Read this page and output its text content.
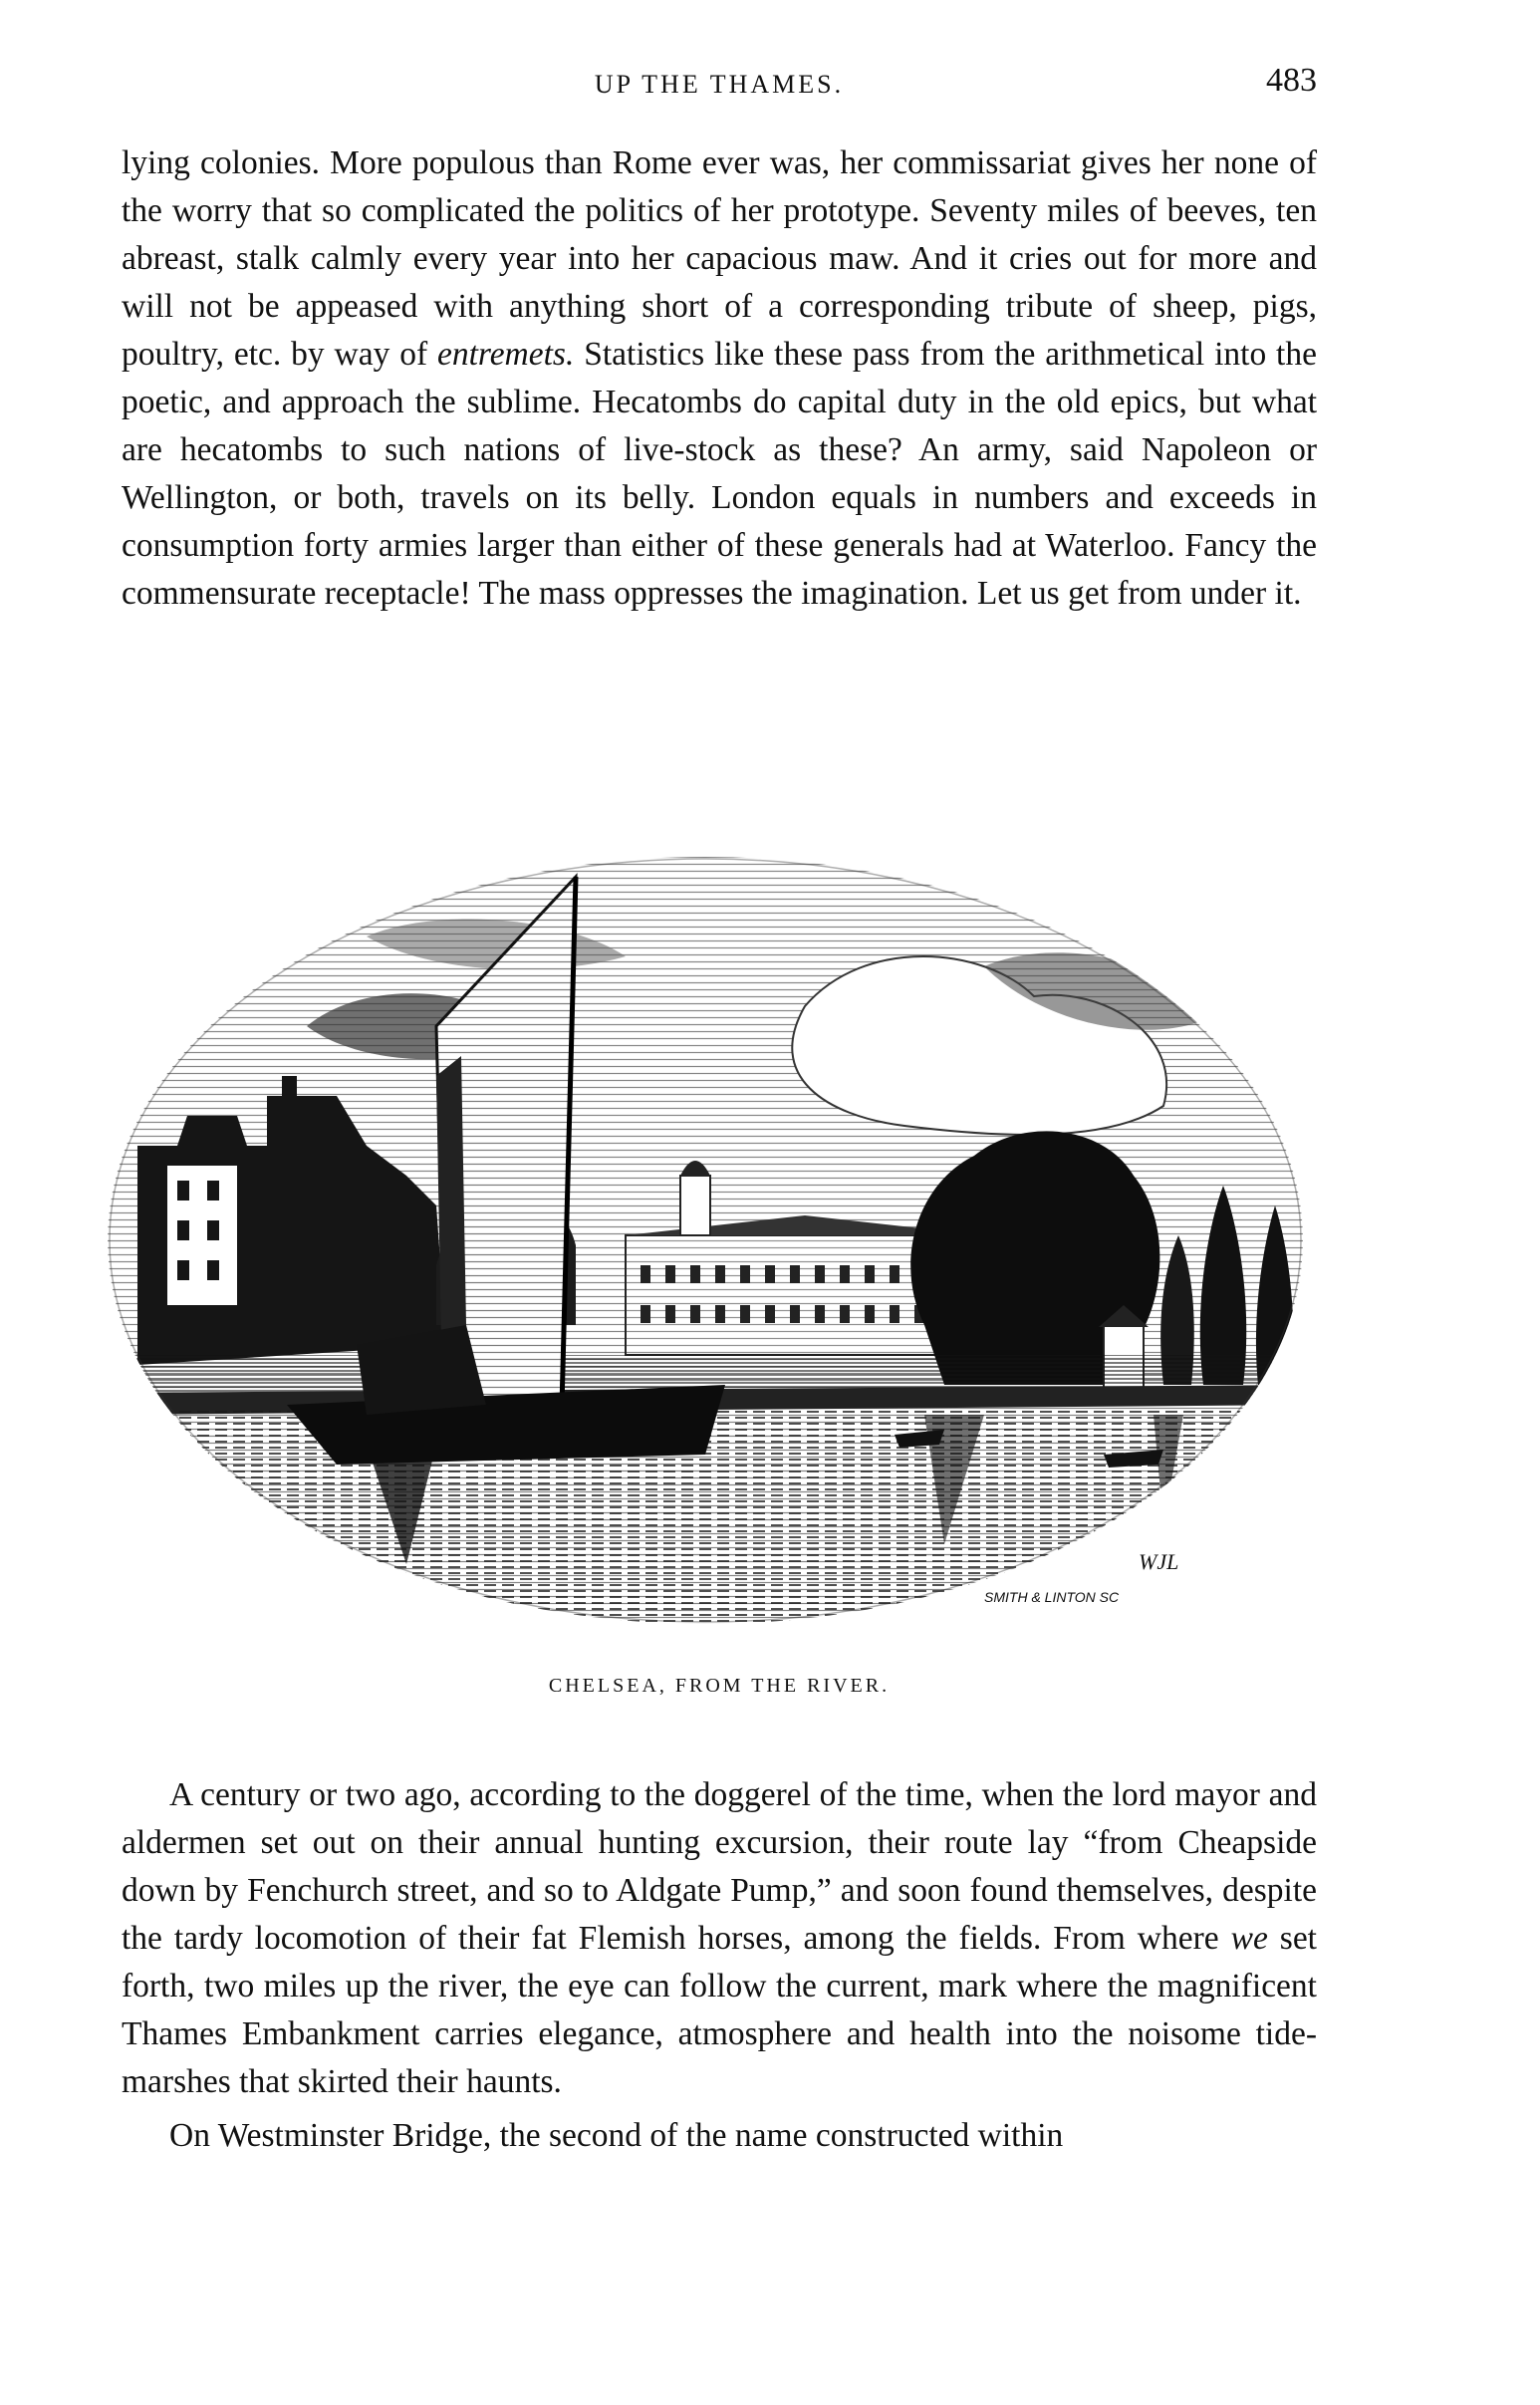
UP THE THAMES.	483

lying colonies. More populous than Rome ever was, her commissariat gives her none of the worry that so complicated the politics of her prototype. Seventy miles of beeves, ten abreast, stalk calmly every year into her capacious maw. And it cries out for more and will not be appeased with anything short of a corresponding tribute of sheep, pigs, poultry, etc. by way of entremets. Statistics like these pass from the arithmetical into the poetic, and approach the sublime. Hecatombs do capital duty in the old epics, but what are hecatombs to such nations of live-stock as these? An army, said Napoleon or Wellington, or both, travels on its belly. London equals in numbers and exceeds in consumption forty armies larger than either of these generals had at Waterloo. Fancy the commensurate receptacle! The mass oppresses the imagination. Let us get from under it.

WJL
SMITH & LINTON SC
CHELSEA, FROM THE RIVER.

A century or two ago, according to the doggerel of the time, when the lord mayor and aldermen set out on their annual hunting excursion, their route lay “from Cheapside down by Fenchurch street, and so to Aldgate Pump,” and soon found themselves, despite the tardy locomotion of their fat Flemish horses, among the fields. From where we set forth, two miles up the river, the eye can follow the current, mark where the magnificent Thames Embankment carries elegance, atmosphere and health into the noisome tide-marshes that skirted their haunts.

On Westminster Bridge, the second of the name constructed within
